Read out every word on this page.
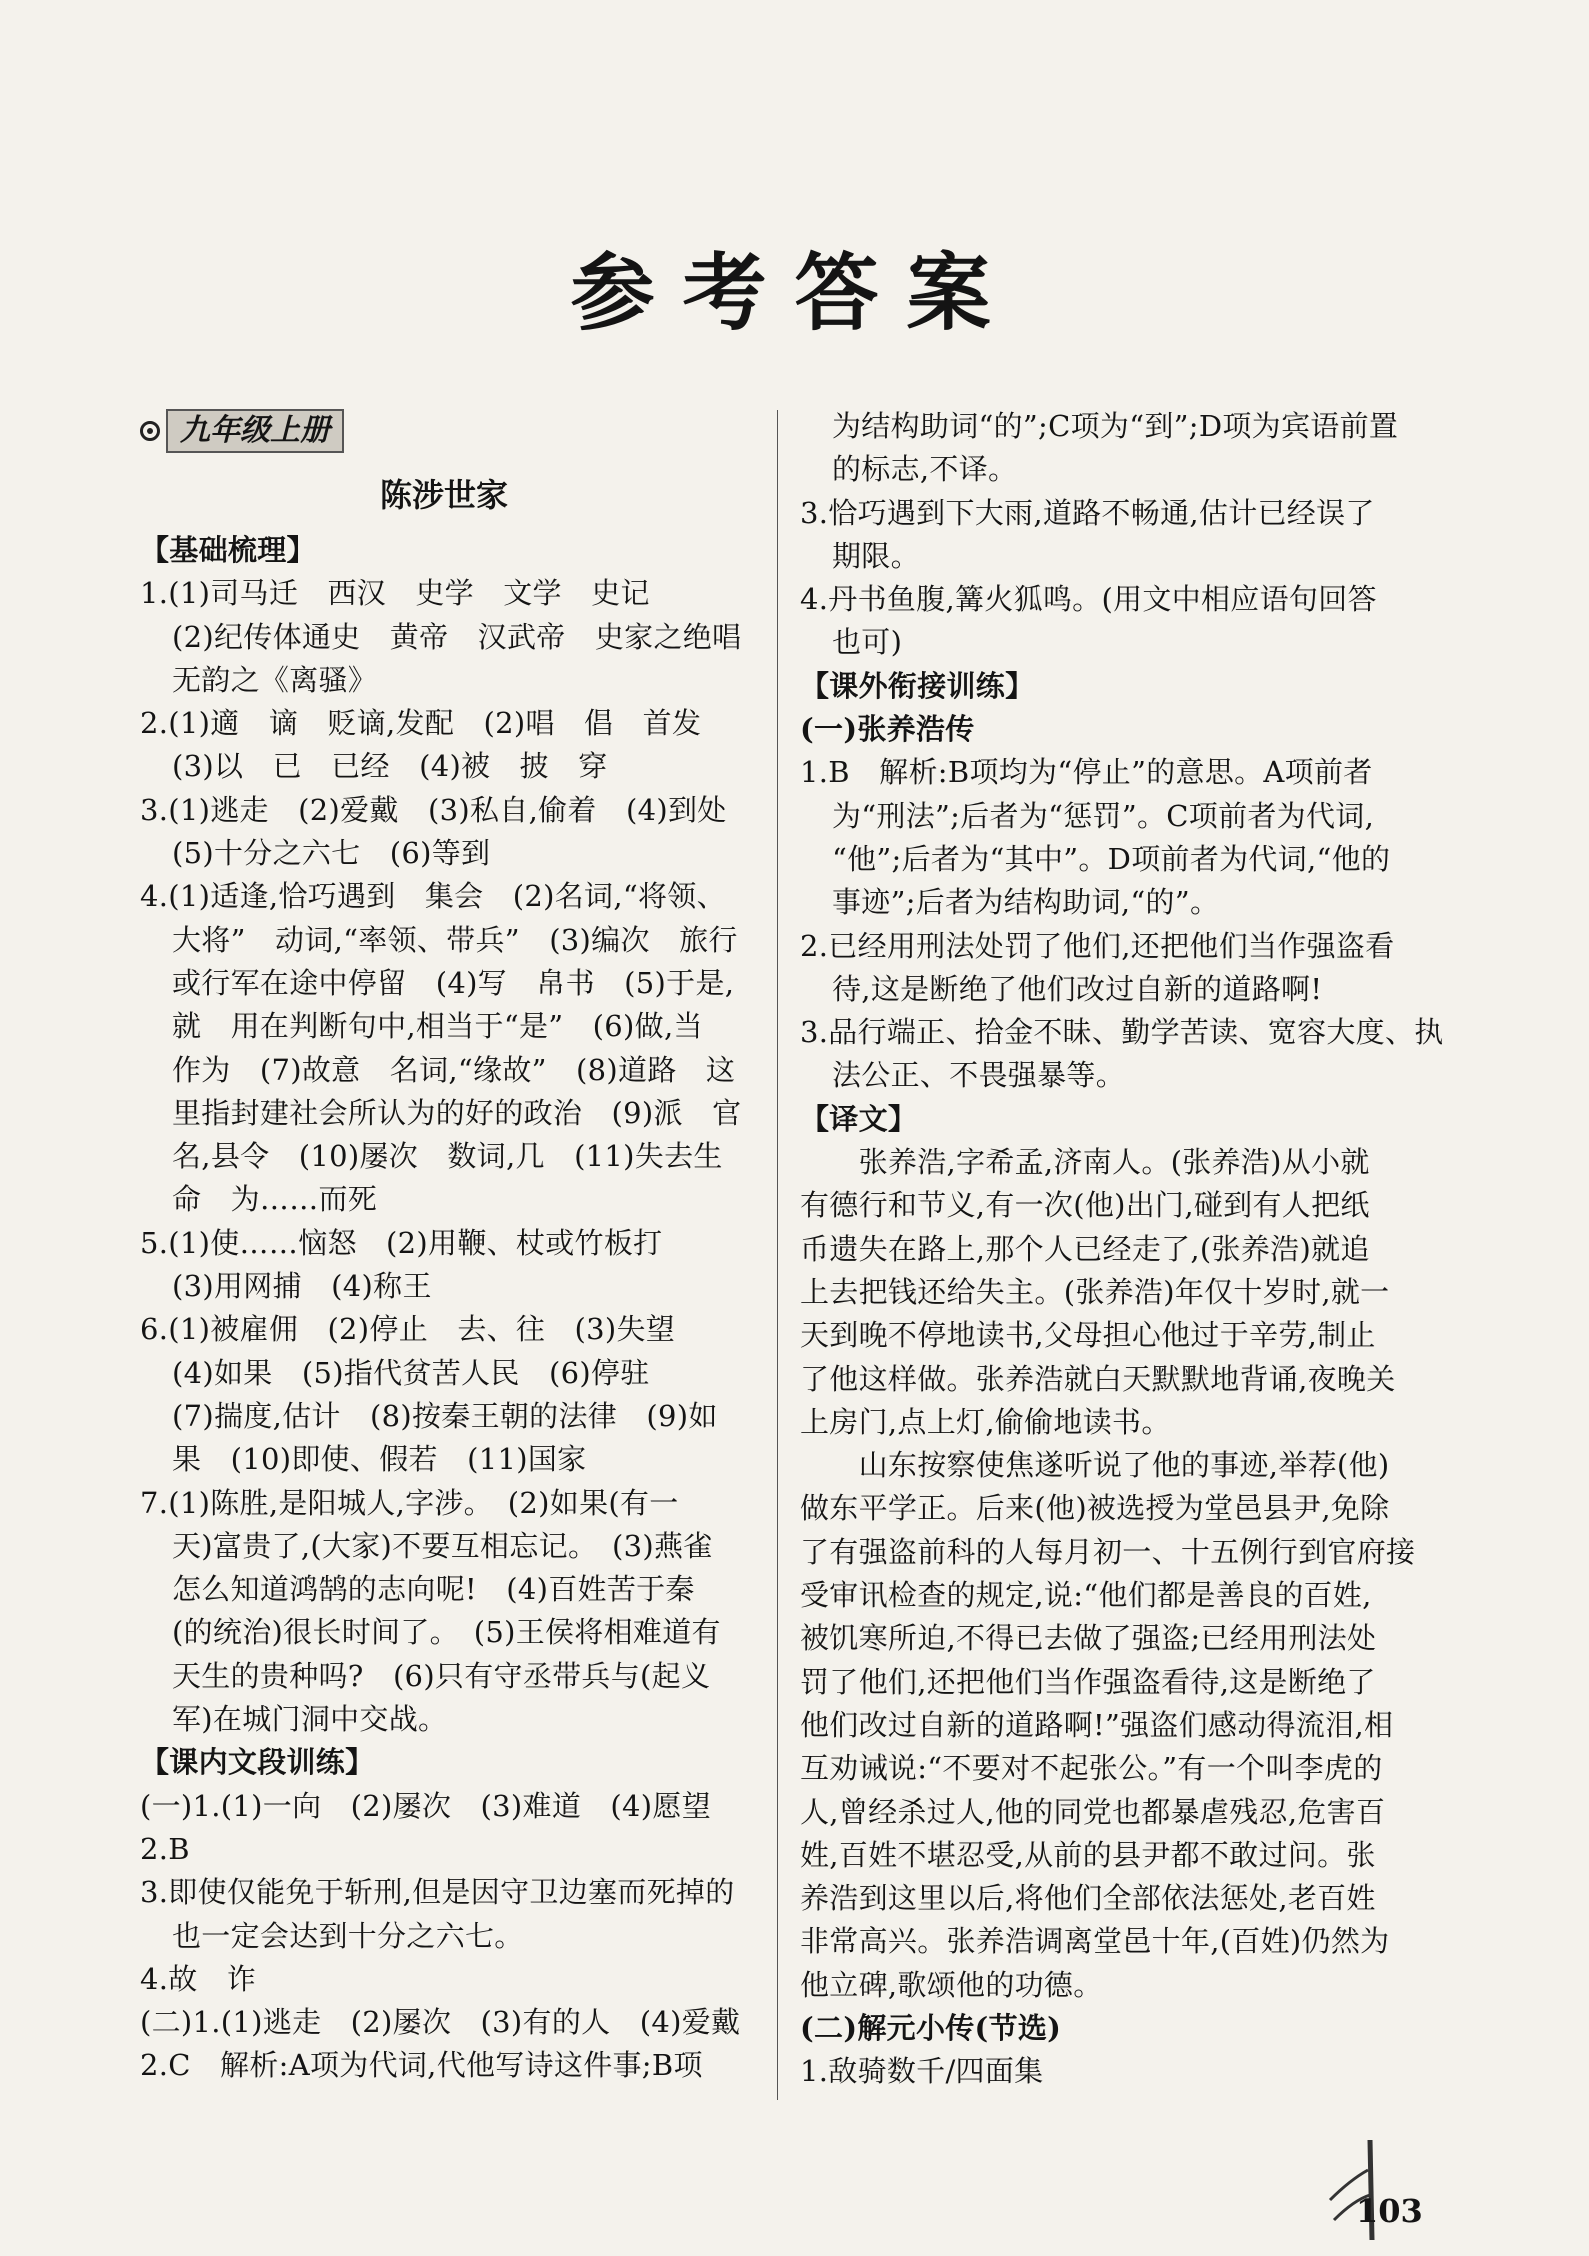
参考答案
九年级上册
陈涉世家
【基础梳理】
1.(1)司马迁　西汉　史学　文学　史记
(2)纪传体通史　黄帝　汉武帝　史家之绝唱
无韵之《离骚》
2.(1)適　谪　贬谪,发配　(2)唱　倡　首发
(3)以　已　已经　(4)被　披　穿
3.(1)逃走　(2)爱戴　(3)私自,偷着　(4)到处
(5)十分之六七　(6)等到
4.(1)适逢,恰巧遇到　集会　(2)名词,“将领、
大将”　动词,“率领、带兵”　(3)编次　旅行
或行军在途中停留　(4)写　帛书　(5)于是,
就　用在判断句中,相当于“是”　(6)做,当
作为　(7)故意　名词,“缘故”　(8)道路　这
里指封建社会所认为的好的政治　(9)派　官
名,县令　(10)屡次　数词,几　(11)失去生
命　为……而死
5.(1)使……恼怒　(2)用鞭、杖或竹板打
(3)用网捕　(4)称王
6.(1)被雇佣　(2)停止　去、往　(3)失望
(4)如果　(5)指代贫苦人民　(6)停驻
(7)揣度,估计　(8)按秦王朝的法律　(9)如
果　(10)即使、假若　(11)国家
7.(1)陈胜,是阳城人,字涉。　(2)如果(有一
天)富贵了,(大家)不要互相忘记。　(3)燕雀
怎么知道鸿鹄的志向呢!　(4)百姓苦于秦
(的统治)很长时间了。　(5)王侯将相难道有
天生的贵种吗?　(6)只有守丞带兵与(起义
军)在城门洞中交战。
【课内文段训练】
(一)1.(1)一向　(2)屡次　(3)难道　(4)愿望
2.B
3.即使仅能免于斩刑,但是因守卫边塞而死掉的
也一定会达到十分之六七。
4.故　诈
(二)1.(1)逃走　(2)屡次　(3)有的人　(4)爱戴
2.C　解析:A项为代词,代他写诗这件事;B项
为结构助词“的”;C项为“到”;D项为宾语前置
的标志,不译。
3.恰巧遇到下大雨,道路不畅通,估计已经误了
期限。
4.丹书鱼腹,篝火狐鸣。(用文中相应语句回答
也可)
【课外衔接训练】
(一)张养浩传
1.B　解析:B项均为“停止”的意思。A项前者
为“刑法”;后者为“惩罚”。C项前者为代词,
“他”;后者为“其中”。D项前者为代词,“他的
事迹”;后者为结构助词,“的”。
2.已经用刑法处罚了他们,还把他们当作强盗看
待,这是断绝了他们改过自新的道路啊!
3.品行端正、拾金不昧、勤学苦读、宽容大度、执
法公正、不畏强暴等。
【译文】
　　张养浩,字希孟,济南人。(张养浩)从小就
有德行和节义,有一次(他)出门,碰到有人把纸
币遗失在路上,那个人已经走了,(张养浩)就追
上去把钱还给失主。(张养浩)年仅十岁时,就一
天到晚不停地读书,父母担心他过于辛劳,制止
了他这样做。张养浩就白天默默地背诵,夜晚关
上房门,点上灯,偷偷地读书。
　　山东按察使焦遂听说了他的事迹,举荐(他)
做东平学正。后来(他)被选授为堂邑县尹,免除
了有强盗前科的人每月初一、十五例行到官府接
受审讯检查的规定,说:“他们都是善良的百姓,
被饥寒所迫,不得已去做了强盗;已经用刑法处
罚了他们,还把他们当作强盗看待,这是断绝了
他们改过自新的道路啊!”强盗们感动得流泪,相
互劝诫说:“不要对不起张公。”有一个叫李虎的
人,曾经杀过人,他的同党也都暴虐残忍,危害百
姓,百姓不堪忍受,从前的县尹都不敢过问。张
养浩到这里以后,将他们全部依法惩处,老百姓
非常高兴。张养浩调离堂邑十年,(百姓)仍然为
他立碑,歌颂他的功德。
(二)解元小传(节选)
1.敌骑数千/四面集
103
